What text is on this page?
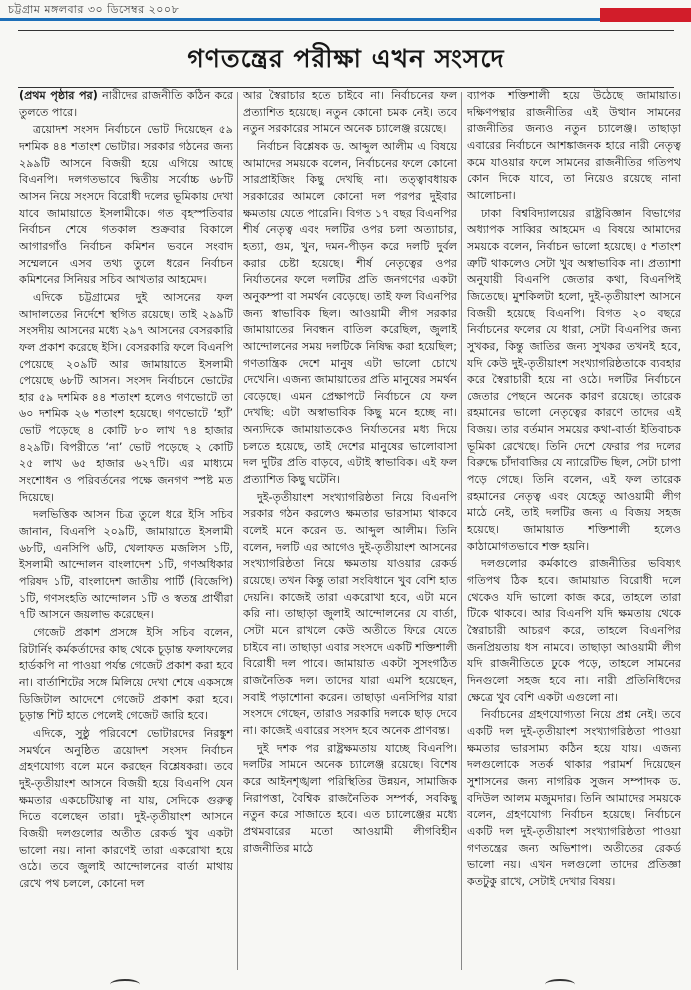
চট্টগ্রাম মঙ্গলবার ৩০ ডিসেম্বর ২০০৮
গণতন্ত্রের পরীক্ষা এখন সংসদে

(প্রথম পৃষ্ঠার পর) নারীদের রাজনীতি কঠিন করে তুলতে পারে।

ত্রয়োদশ সংসদ নির্বাচনে ভোট দিয়েছেন ৫৯ দশমিক ৪৪ শতাংশ ভোটার। সরকার গঠনের জন্য ২৯৯টি আসনে বিজয়ী হয়ে এগিয়ে আছে বিএনপি। দলগতভাবে দ্বিতীয় সর্বোচ্চ ৬৮টি আসন নিয়ে সংসদে বিরোধী দলের ভূমিকায় দেখা যাবে জামায়াতে ইসলামীকে। গত বৃহস্পতিবার নির্বাচন শেষে গতকাল শুক্রবার বিকালে আগারগাঁও নির্বাচন কমিশন ভবনে সংবাদ সম্মেলনে এসব তথ্য তুলে ধরেন নির্বাচন কমিশনের সিনিয়র সচিব আখতার আহমেদ।

এদিকে চট্টগ্রামের দুই আসনের ফল আদালতের নির্দেশে স্থগিত রয়েছে। তাই ২৯৯টি সংসদীয় আসনের মধ্যে ২৯৭ আসনের বেসরকারি ফল প্রকাশ করেছে ইসি। বেসরকারি ফলে বিএনপি পেয়েছে ২০৯টি আর জামায়াতে ইসলামী পেয়েছে ৬৮টি আসন। সংসদ নির্বাচনে ভোটের হার ৫৯ দশমিক ৪৪ শতাংশ হলেও গণভোটে তা ৬০ দশমিক ২৬ শতাংশ হয়েছে। গণভোটে ‘হ্যাঁ’ ভোট পড়েছে ৪ কোটি ৮০ লাখ ৭৪ হাজার ৪২৯টি। বিপরীতে ‘না’ ভোট পড়েছে ২ কোটি ২৫ লাখ ৬৫ হাজার ৬২৭টি। এর মাধ্যমে সংশোধন ও পরিবর্তনের পক্ষে জনগণ স্পষ্ট মত দিয়েছে।

দলভিত্তিক আসন চিত্র তুলে ধরে ইসি সচিব জানান, বিএনপি ২০৯টি, জামায়াতে ইসলামী ৬৮টি, এনসিপি ৬টি, খেলাফত মজলিস ১টি, ইসলামী আন্দোলন বাংলাদেশ ১টি, গণঅধিকার পরিষদ ১টি, বাংলাদেশ জাতীয় পার্টি (বিজেপি) ১টি, গণসংহতি আন্দোলন ১টি ও স্বতন্ত্র প্রার্থীরা ৭টি আসনে জয়লাভ করেছেন।

গেজেট প্রকাশ প্রসঙ্গে ইসি সচিব বলেন, রিটার্নিং কর্মকর্তাদের কাছ থেকে চূড়ান্ত ফলাফলের হার্ডকপি না পাওয়া পর্যন্ত গেজেট প্রকাশ করা হবে না। বার্তাশিটের সঙ্গে মিলিয়ে দেখা শেষে একসঙ্গে ডিজিটাল আদেশে গেজেট প্রকাশ করা হবে। চূড়ান্ত শিট হাতে পেলেই গেজেট জারি হবে।

এদিকে, সুষ্ঠু পরিবেশে ভোটারদের নিরঙ্কুশ সমর্থনে অনুষ্ঠিত ত্রয়োদশ সংসদ নির্বাচন গ্রহণযোগ্য বলে মনে করছেন বিশ্লেষকরা। তবে দুই-তৃতীয়াংশ আসনে বিজয়ী হয়ে বিএনপি যেন ক্ষমতার একচেটিয়াত্ব না যায়, সেদিকে গুরুত্ব দিতে বলেছেন তারা। দুই-তৃতীয়াংশ আসনে বিজয়ী দলগুলোর অতীত রেকর্ড খুব একটা ভালো নয়। নানা কারণেই তারা একরোখা হয়ে ওঠে। তবে জুলাই আন্দোলনের বার্তা মাথায় রেখে পথ চললে, কোনো দল

আর স্বৈরাচার হতে চাইবে না। নির্বাচনের ফল প্রত্যাশিত হয়েছে। নতুন কোনো চমক নেই। তবে নতুন সরকারের সামনে অনেক চ্যালেঞ্জ রয়েছে।

নির্বাচন বিশ্লেষক ড. আব্দুল আলীম এ বিষয়ে আমাদের সময়কে বলেন, নির্বাচনের ফলে কোনো সারপ্রাইজিং কিছু দেখছি না। তত্ত্বাবধায়ক সরকারের আমলে কোনো দল পরপর দুইবার ক্ষমতায় যেতে পারেনি। বিগত ১৭ বছর বিএনপির শীর্ষ নেতৃত্ব এবং দলটির ওপর চলা অত্যাচার, হত্যা, গুম, খুন, দমন-পীড়ন করে দলটি দুর্বল করার চেষ্টা হয়েছে। শীর্ষ নেতৃত্বের ওপর নির্যাতনের ফলে দলটির প্রতি জনগণের একটা অনুকম্পা বা সমর্থন বেড়েছে। তাই ফল বিএনপির জন্য স্বাভাবিক ছিল। আওয়ামী লীগ সরকার জামায়াতের নিবন্ধন বাতিল করেছিল, জুলাই আন্দোলনের সময় দলটিকে নিষিদ্ধ করা হয়েছিল; গণতান্ত্রিক দেশে মানুষ এটা ভালো চোখে দেখেনি। এজন্য জামায়াতের প্রতি মানুষের সমর্থন বেড়েছে। এমন প্রেক্ষাপটে নির্বাচনে যে ফল দেখছি: এটা অস্বাভাবিক কিছু মনে হচ্ছে না। অন্যদিকে জামায়াতকেও নির্যাতনের মধ্য দিয়ে চলতে হয়েছে, তাই দেশের মানুষের ভালোবাসা দল দুটির প্রতি বাড়বে, এটাই স্বাভাবিক। এই ফল প্রত্যাশিত কিছু ঘটেনি।

দুই-তৃতীয়াংশ সংখ্যাগরিষ্ঠতা নিয়ে বিএনপি সরকার গঠন করলেও ক্ষমতার ভারসাম্য থাকবে বলেই মনে করেন ড. আব্দুল আলীম। তিনি বলেন, দলটি এর আগেও দুই-তৃতীয়াংশ আসনের সংখ্যাগরিষ্ঠতা নিয়ে ক্ষমতায় যাওয়ার রেকর্ড রয়েছে। তখন কিন্তু তারা সংবিধানে খুব বেশি হাত দেয়নি। কাজেই তারা একরোখা হবে, এটা মনে করি না। তাছাড়া জুলাই আন্দোলনের যে বার্তা, সেটা মনে রাখলে কেউ অতীতে ফিরে যেতে চাইবে না। তাছাড়া এবার সংসদে একটি শক্তিশালী বিরোধী দল পাবে। জামায়াত একটা সুসংগঠিত রাজনৈতিক দল। তাদের যারা এমপি হয়েছেন, সবাই পড়াশোনা করেন। তাছাড়া এনসিপির যারা সংসদে গেছেন, তারাও সরকারি দলকে ছাড় দেবে না। কাজেই এবারের সংসদ হবে অনেক প্রাণবন্ত।

দুই দশক পর রাষ্ট্রক্ষমতায় যাচ্ছে বিএনপি। দলটির সামনে অনেক চ্যালেঞ্জ রয়েছে। বিশেষ করে আইনশৃঙ্খলা পরিস্থিতির উন্নয়ন, সামাজিক নিরাপত্তা, বৈশ্বিক রাজনৈতিক সম্পর্ক, সবকিছু নতুন করে সাজাতে হবে। এত চ্যালেঞ্জের মধ্যে প্রথমবারের মতো আওয়ামী লীগবিহীন রাজনীতির মাঠে

ব্যাপক শক্তিশালী হয়ে উঠেছে জামায়াত। দক্ষিণপন্থার রাজনীতির এই উত্থান সামনের রাজনীতির জন্যও নতুন চ্যালেঞ্জ। তাছাড়া এবারের নির্বাচনে আশঙ্কাজনক হারে নারী নেতৃত্ব কমে যাওয়ার ফলে সামনের রাজনীতির গতিপথ কোন দিকে যাবে, তা নিয়েও রয়েছে নানা আলোচনা।

ঢাকা বিশ্ববিদ্যালয়ের রাষ্ট্রবিজ্ঞান বিভাগের অধ্যাপক সাব্বির আহমেদ এ বিষয়ে আমাদের সময়কে বলেন, নির্বাচন ভালো হয়েছে। ৫ শতাংশ ত্রুটি থাকলেও সেটা খুব অস্বাভাবিক না। প্রত্যাশা অনুযায়ী বিএনপি জেতার কথা, বিএনপিই জিতেছে। মুশকিলটা হলো, দুই-তৃতীয়াংশ আসনে বিজয়ী হয়েছে বিএনপি। বিগত ২০ বছরে নির্বাচনের ফলের যে ধারা, সেটা বিএনপির জন্য সুখকর, কিন্তু জাতির জন্য সুখকর তখনই হবে, যদি কেউ দুই-তৃতীয়াংশ সংখ্যাগরিষ্ঠতাকে ব্যবহার করে স্বৈরাচারী হয়ে না ওঠে। দলটির নির্বাচনে জেতার পেছনে অনেক কারণ রয়েছে। তারেক রহমানের ভালো নেতৃত্বের কারণে তাদের এই বিজয়। তার বর্তমান সময়ের কথা-বার্তা ইতিবাচক ভূমিকা রেখেছে। তিনি দেশে ফেরার পর দলের বিরুদ্ধে চাঁদাবাজির যে ন্যারেটিভ ছিল, সেটা চাপা পড়ে গেছে। তিনি বলেন, এই ফল তারেক রহমানের নেতৃত্ব এবং যেহেতু আওয়ামী লীগ মাঠে নেই, তাই দলটির জন্য এ বিজয় সহজ হয়েছে। জামায়াত শক্তিশালী হলেও কাঠামোগতভাবে শক্ত হয়নি।

দলগুলোর কর্মকাণ্ডে রাজনীতির ভবিষ্যৎ গতিপথ ঠিক হবে। জামায়াত বিরোধী দলে থেকেও যদি ভালো কাজ করে, তাহলে তারা টিকে থাকবে। আর বিএনপি যদি ক্ষমতায় থেকে স্বৈরাচারী আচরণ করে, তাহলে বিএনপির জনপ্রিয়তায় ধস নামবে। তাছাড়া আওয়ামী লীগ যদি রাজনীতিতে ঢুকে পড়ে, তাহলে সামনের দিনগুলো সহজ হবে না। নারী প্রতিনিধিদের ক্ষেত্রে খুব বেশি একটা এগুলো না।

নির্বাচনের গ্রহণযোগ্যতা নিয়ে প্রশ্ন নেই। তবে একটি দল দুই-তৃতীয়াংশ সংখ্যাগরিষ্ঠতা পাওয়া ক্ষমতার ভারসাম্য কঠিন হয়ে যায়। এজন্য দলগুলোকে সতর্ক থাকার পরামর্শ দিয়েছেন সুশাসনের জন্য নাগরিক সুজন সম্পাদক ড. বদিউল আলম মজুমদার। তিনি আমাদের সময়কে বলেন, গ্রহণযোগ্য নির্বাচন হয়েছে। নির্বাচনে একটি দল দুই-তৃতীয়াংশ সংখ্যাগরিষ্ঠতা পাওয়া গণতন্ত্রের জন্য অভিশাপ। অতীতের রেকর্ড ভালো নয়। এখন দলগুলো তাদের প্রতিজ্ঞা কতটুকু রাখে, সেটাই দেখার বিষয়।
